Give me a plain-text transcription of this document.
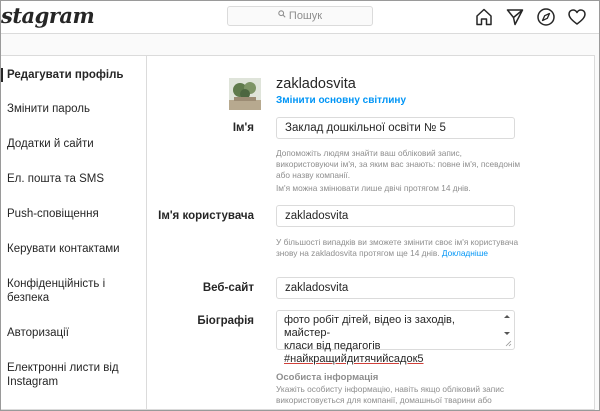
stagram	Пошук
Редагувати профіль
Змінити пароль
Додатки й сайти
Ел. пошта та SMS
Push-сповіщення
Керувати контактами
Конфіденційність і безпека
Авторизації
Електронні листи від Instagram
zakladosvita
Змінити основну світлину
Ім'я	Заклад дошкільної освіти № 5
Допоможіть людям знайти ваш обліковий запис, використовуючи ім'я, за яким вас знають: повне ім'я, псевдонім або назву компанії.
Ім'я можна змінювати лише двічі протягом 14 днів.
Ім'я користувача	zakladosvita
У більшості випадків ви зможете змінити своє ім'я користувача знову на zakladosvita протягом ще 14 днів. Докладніше
Веб-сайт	zakladosvita
Біографія	фото робіт дітей, відео із заходів, майстер-
класи від педагогів
#найкращийдитячийсадок5
Особиста інформація
Укажіть особисту інформацію, навіть якщо обліковий запис використовується для компанії, домашньої тварини або
